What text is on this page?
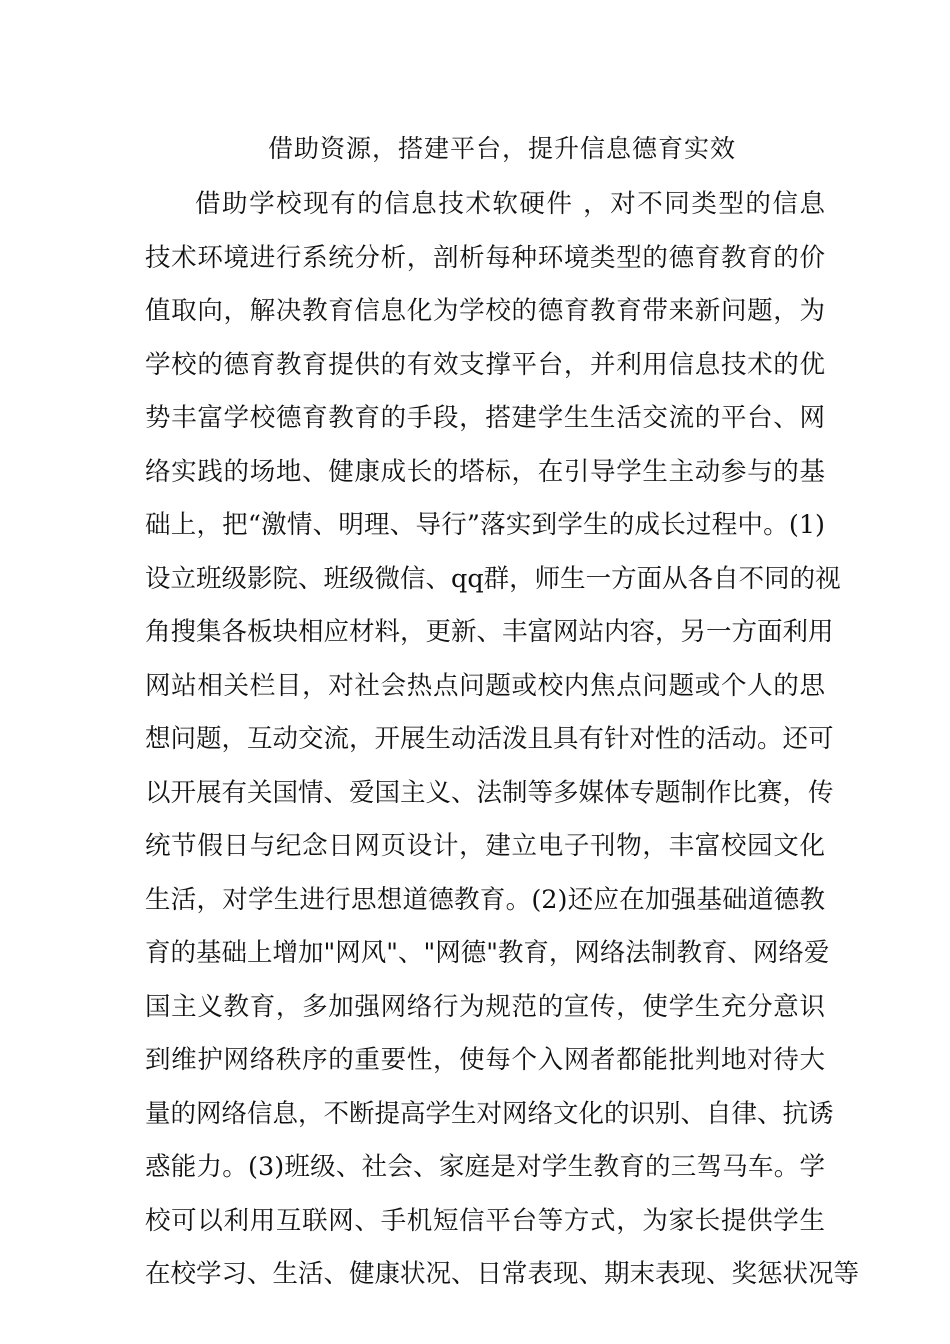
借助资源，搭建平台，提升信息德育实效
借助学校现有的信息技术软硬件 ，对不同类型的信息
技术环境进行系统分析，剖析每种环境类型的德育教育的价
值取向，解决教育信息化为学校的德育教育带来新问题，为
学校的德育教育提供的有效支撑平台，并利用信息技术的优
势丰富学校德育教育的手段，搭建学生生活交流的平台、网
络实践的场地、健康成长的塔标，在引导学生主动参与的基
础上，把“激情、明理、导行”落实到学生的成长过程中。(1)
设立班级影院、班级微信、qq群，师生一方面从各自不同的视
角搜集各板块相应材料，更新、丰富网站内容，另一方面利用
网站相关栏目，对社会热点问题或校内焦点问题或个人的思
想问题，互动交流，开展生动活泼且具有针对性的活动。还可
以开展有关国情、爱国主义、法制等多媒体专题制作比赛，传
统节假日与纪念日网页设计，建立电子刊物，丰富校园文化
生活，对学生进行思想道德教育。(2)还应在加强基础道德教
育的基础上增加"网风"、"网德"教育，网络法制教育、网络爱
国主义教育，多加强网络行为规范的宣传，使学生充分意识
到维护网络秩序的重要性，使每个入网者都能批判地对待大
量的网络信息，不断提高学生对网络文化的识别、自律、抗诱
惑能力。(3)班级、社会、家庭是对学生教育的三驾马车。学
校可以利用互联网、手机短信平台等方式，为家长提供学生
在校学习、生活、健康状况、日常表现、期末表现、奖惩状况等
